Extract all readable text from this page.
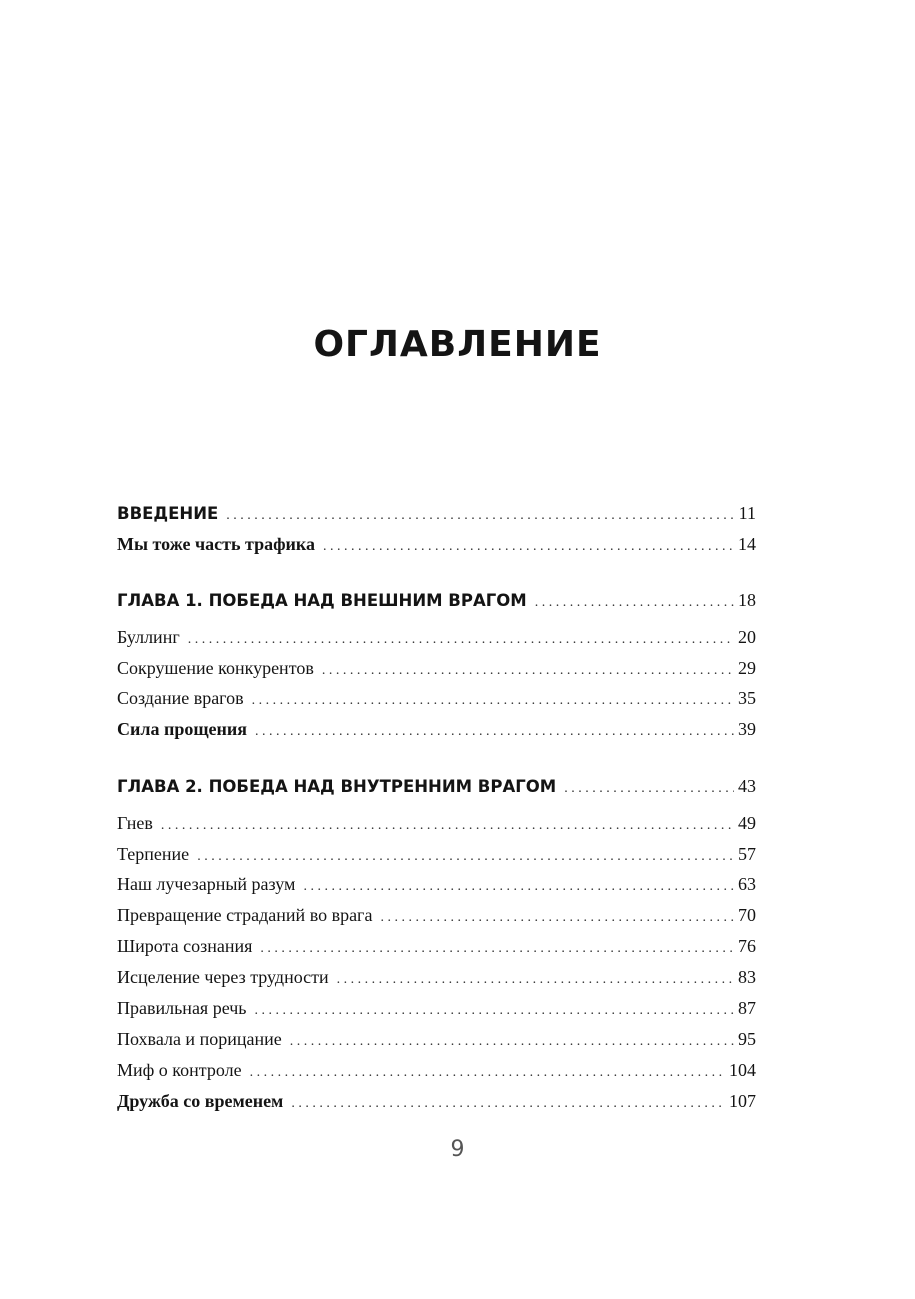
ОГЛАВЛЕНИЕ
ВВЕДЕНИЕ . . .	11
Мы тоже часть трафика . . .	14
ГЛАВА 1. ПОБЕДА НАД ВНЕШНИМ ВРАГОМ . . .	18
Буллинг . . .	20
Сокрушение конкурентов . . .	29
Создание врагов . . .	35
Сила прощения . . .	39
ГЛАВА 2. ПОБЕДА НАД ВНУТРЕННИМ ВРАГОМ . . .	43
Гнев . . .	49
Терпение . . .	57
Наш лучезарный разум . . .	63
Превращение страданий во врага . . .	70
Широта сознания . . .	76
Исцеление через трудности . . .	83
Правильная речь . . .	87
Похвала и порицание . . .	95
Миф о контроле . . .	104
Дружба со временем . . .	107
9
